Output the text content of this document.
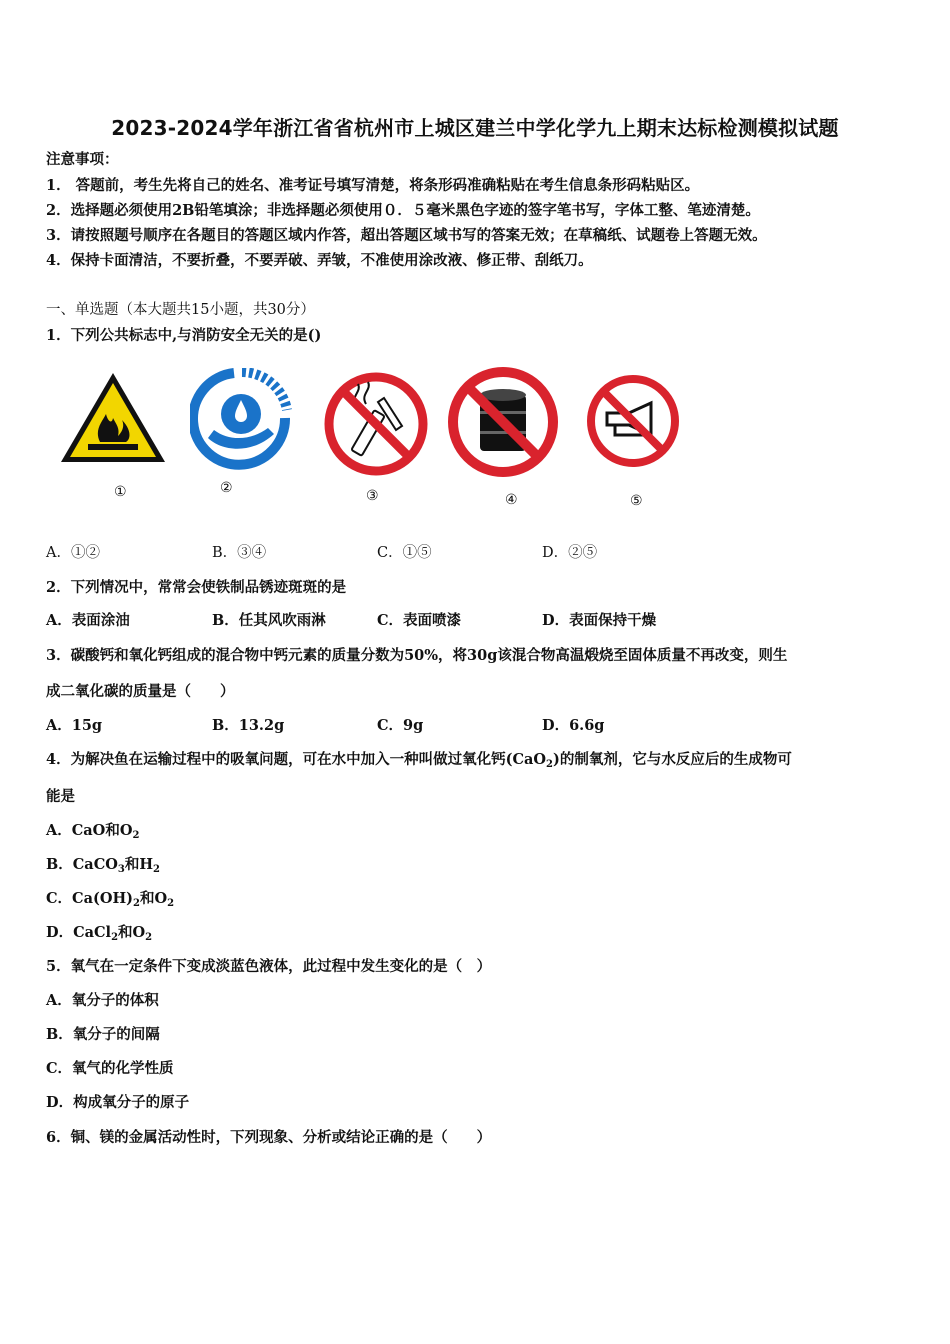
2023-2024学年浙江省省杭州市上城区建兰中学化学九上期末达标检测模拟试题
注意事项：
1． 答题前，考生先将自己的姓名、准考证号填写清楚，将条形码准确粘贴在考生信息条形码粘贴区。
2．选择题必须使用2B铅笔填涂；非选择题必须使用０．５毫米黑色字迹的签字笔书写，字体工整、笔迹清楚。
3．请按照题号顺序在各题目的答题区域内作答，超出答题区域书写的答案无效；在草稿纸、试题卷上答题无效。
4．保持卡面清洁，不要折叠，不要弄破、弄皱，不准使用涂改液、修正带、刮纸刀。
一、单选题（本大题共15小题，共30分）
1．下列公共标志中,与消防安全无关的是()
①	②	③	④	⑤
A．①②	B．③④	C．①⑤	D．②⑤
2．下列情况中，常常会使铁制品锈迹斑斑的是
A．表面涂油	B．任其风吹雨淋	C．表面喷漆	D．表面保持干燥
3．碳酸钙和氧化钙组成的混合物中钙元素的质量分数为50%，将30g该混合物高温煅烧至固体质量不再改变，则生
成二氧化碳的质量是（　　）
A．15g	B．13.2g	C．9g	D．6.6g
4．为解决鱼在运输过程中的吸氧问题，可在水中加入一种叫做过氧化钙(CaO$_2$)的制氧剂，它与水反应后的生成物可
能是
A．CaO和$O_2$
B．CaCO$_3$和$H_2$
C．$Ca(OH)_2$和$O_2$
D．CaCl$_2$和$O_2$
5．氧气在一定条件下变成淡蓝色液体，此过程中发生变化的是（　）
A．氧分子的体积
B．氧分子的间隔
C．氧气的化学性质
D．构成氧分子的原子
6．铜、镁的金属活动性时，下列现象、分析或结论正确的是（　　）
